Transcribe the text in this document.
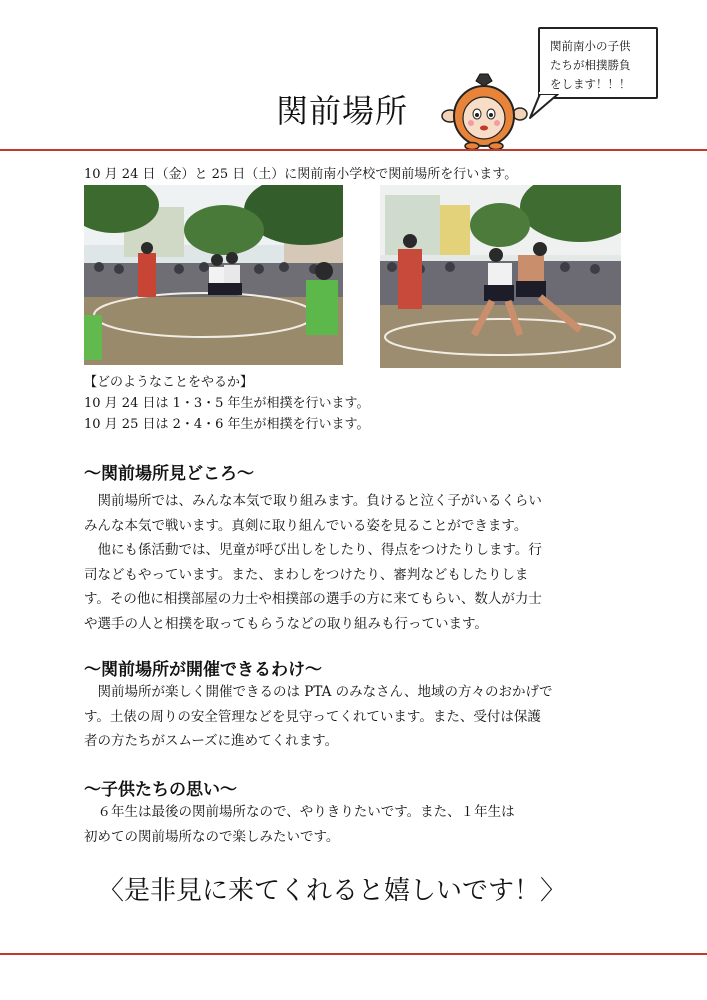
関前場所

関前南小の子供

たちが相撲勝負

をします！！！

10 月 24 日（金）と 25 日（土）に関前南小学校で関前場所を行います。

【どのようなことをやるか】

10 月 24 日は 1・3・5 年生が相撲を行います。

10 月 25 日は 2・4・6 年生が相撲を行います。

～関前場所見どころ～

　関前場所では、みんな本気で取り組みます。負けると泣く子がいるくらい

みんな本気で戦います。真剣に取り組んでいる姿を見ることができます。

　他にも係活動では、児童が呼び出しをしたり、得点をつけたりします。行

司などもやっています。また、まわしをつけたり、審判などもしたりしま

す。その他に相撲部屋の力士や相撲部の選手の方に来てもらい、数人が力士

や選手の人と相撲を取ってもらうなどの取り組みも行っています。

～関前場所が開催できるわけ～

　関前場所が楽しく開催できるのは PTA のみなさん、地域の方々のおかげで

す。土俵の周りの安全管理などを見守ってくれています。また、受付は保護

者の方たちがスムーズに進めてくれます。

～子供たちの思い～

　６年生は最後の関前場所なので、やりきりたいです。また、１年生は

初めての関前場所なので楽しみたいです。

〈是非見に来てくれると嬉しいです！〉
